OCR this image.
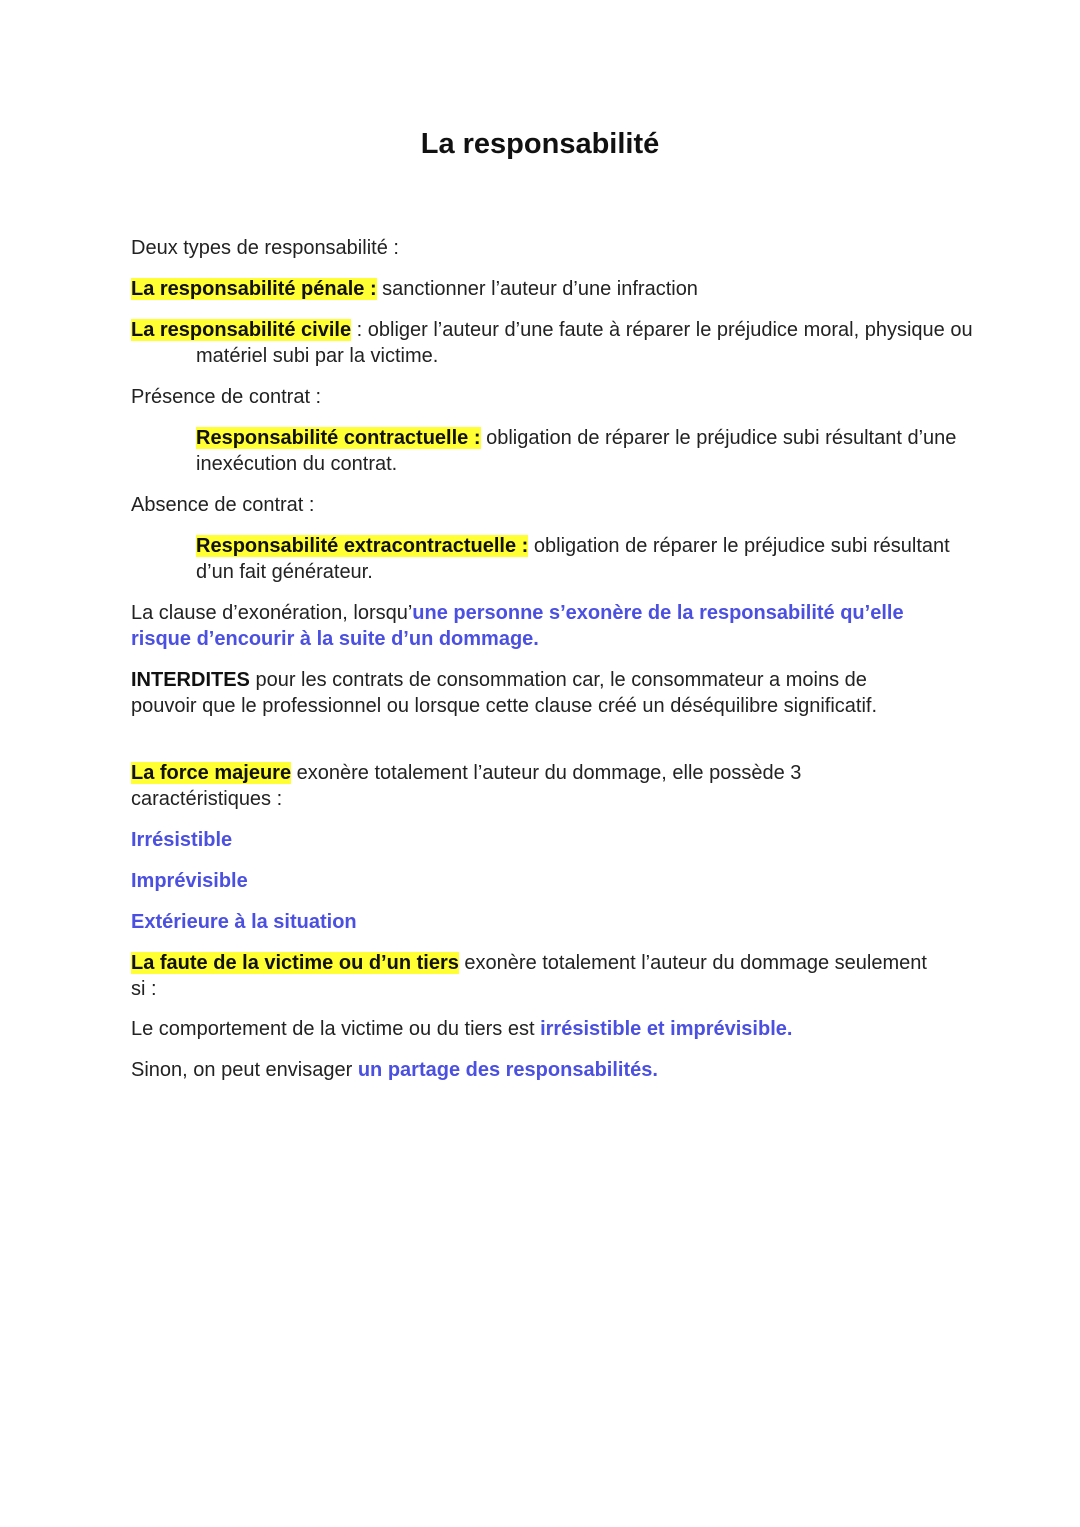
La responsabilité

Deux types de responsabilité :

La responsabilité pénale : sanctionner l’auteur d’une infraction

La responsabilité civile : obliger l’auteur d’une faute à réparer le préjudice moral, physique ou matériel subi par la victime.

Présence de contrat :

Responsabilité contractuelle : obligation de réparer le préjudice subi résultant d’une inexécution du contrat.

Absence de contrat :

Responsabilité extracontractuelle : obligation de réparer le préjudice subi résultant d’un fait générateur.

La clause d’exonération, lorsqu’une personne s’exonère de la responsabilité qu’elle risque d’encourir à la suite d’un dommage.

INTERDITES pour les contrats de consommation car, le consommateur a moins de pouvoir que le professionnel ou lorsque cette clause créé un déséquilibre significatif.

La force majeure exonère totalement l’auteur du dommage, elle possède 3 caractéristiques :

Irrésistible

Imprévisible

Extérieure à la situation

La faute de la victime ou d’un tiers exonère totalement l’auteur du dommage seulement si :

Le comportement de la victime ou du tiers est irrésistible et imprévisible.

Sinon, on peut envisager un partage des responsabilités.
